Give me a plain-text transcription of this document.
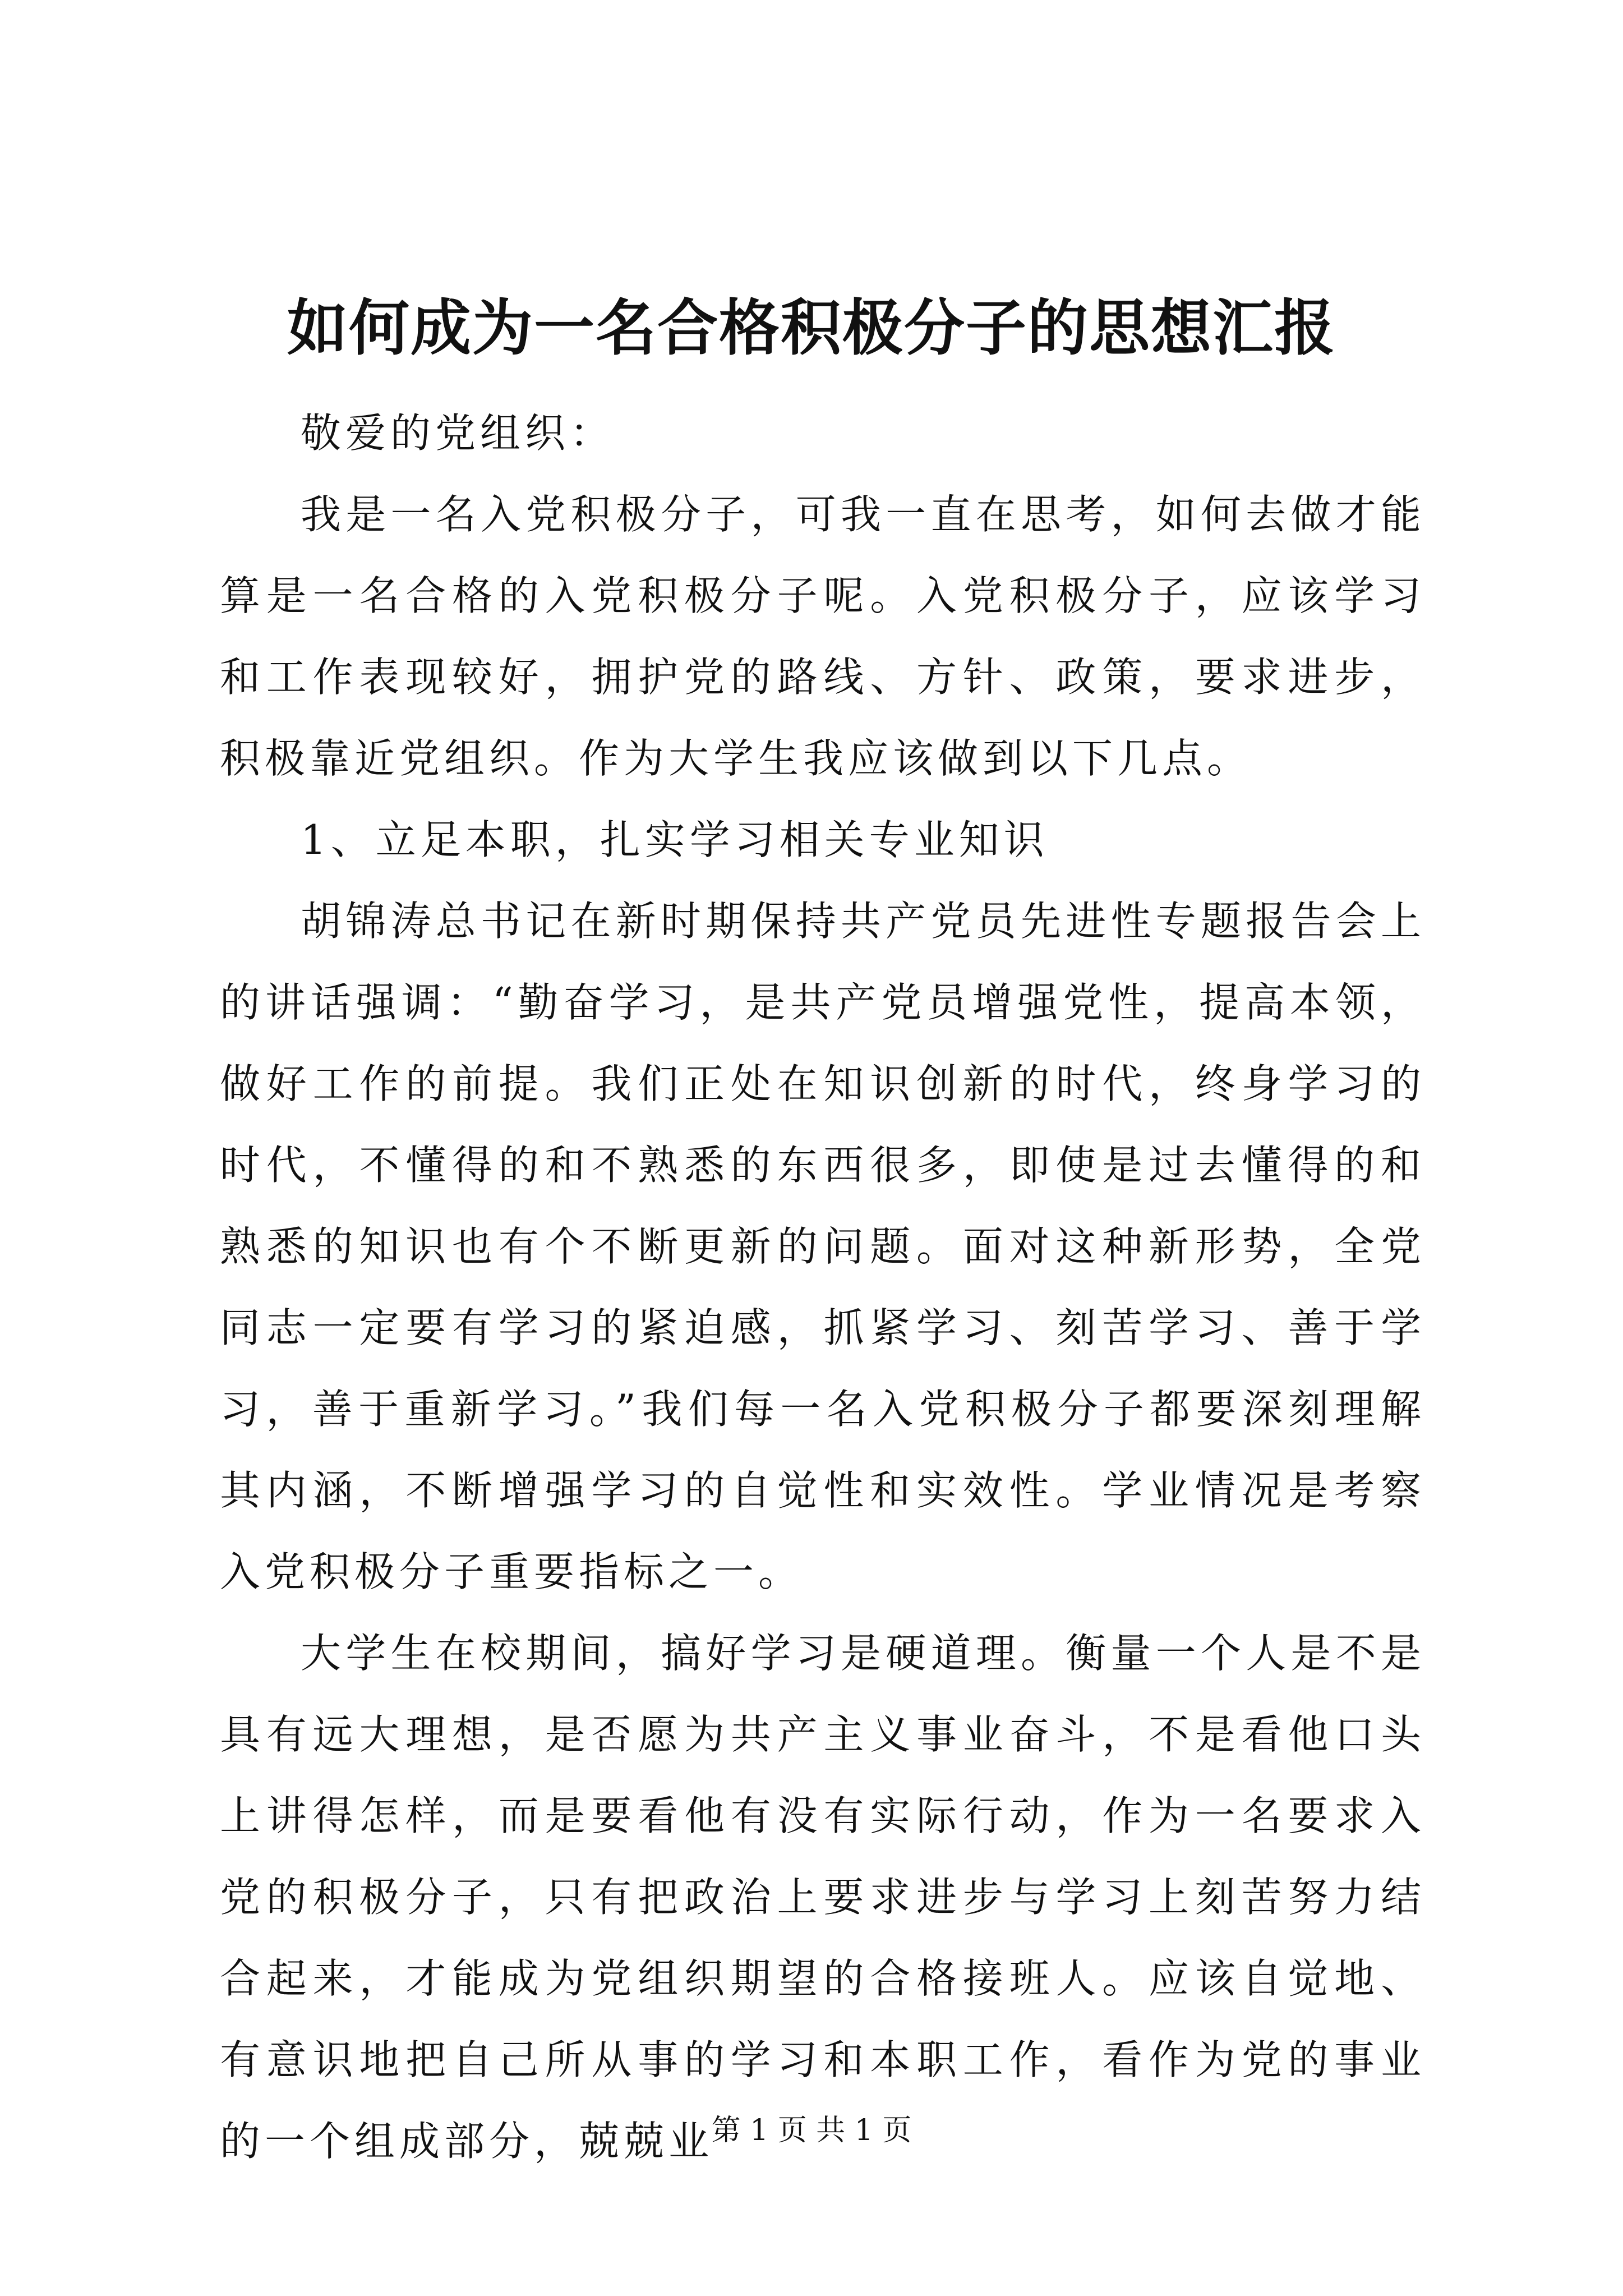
如何成为一名合格积极分子的思想汇报

敬爱的党组织：

我是一名入党积极分子，可我一直在思考，如何去做才能算是一名合格的入党积极分子呢。入党积极分子，应该学习和工作表现较好，拥护党的路线、方针、政策，要求进步，积极靠近党组织。作为大学生我应该做到以下几点。

1、立足本职，扎实学习相关专业知识

胡锦涛总书记在新时期保持共产党员先进性专题报告会上的讲话强调：“勤奋学习，是共产党员增强党性，提高本领，做好工作的前提。我们正处在知识创新的时代，终身学习的时代，不懂得的和不熟悉的东西很多，即使是过去懂得的和熟悉的知识也有个不断更新的问题。面对这种新形势，全党同志一定要有学习的紧迫感，抓紧学习、刻苦学习、善于学习，善于重新学习。”我们每一名入党积极分子都要深刻理解其内涵，不断增强学习的自觉性和实效性。学业情况是考察入党积极分子重要指标之一。

大学生在校期间，搞好学习是硬道理。衡量一个人是不是具有远大理想，是否愿为共产主义事业奋斗，不是看他口头上讲得怎样，而是要看他有没有实际行动，作为一名要求入党的积极分子，只有把政治上要求进步与学习上刻苦努力结合起来，才能成为党组织期望的合格接班人。应该自觉地、有意识地把自己所从事的学习和本职工作，看作为党的事业的一个组成部分，兢兢业

第 1 页 共 1 页
